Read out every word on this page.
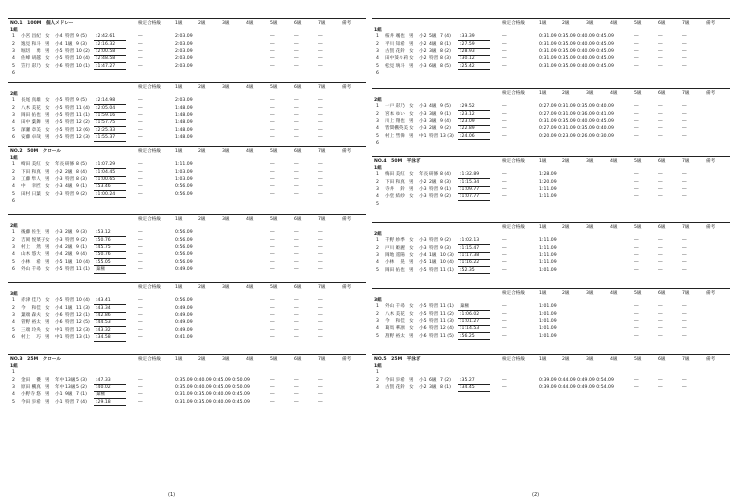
NO.1　100M　個人メドレー	検定合格級	1級	2級	3級	4級	5級	6級	7級	備考
1組
1 小宮 昌紀 女 小4 特習 9 (5) :2:42.61	―	2:03.09	―	―	―
2 逸見 和斗 男 小4 1級 9 (3) :2:16.32	―	2:03.09	―	―	―
3 堀切 　勇 男 小5 特習 10 (2) :2:00.58	―	2:03.09	―	―	―
4 佐峰 胡越 女 小5 特習 10 (4) :2:48.58	―	2:03.09	―	―	―
5 笠行 彩乃 女 小6 特習 10 (1) :1:47.27	―	2:03.09	―	―	―
6
検定合格級	1級	2級	3級	4級	5級	6級	7級	備考
2組
1 長尾 真雄 女 小5 特習 9 (5) :2:14.98	―	2:03.09	―	―	―
2 八木 美花 女 小5 特習 11 (4) :2:05.04	―	1:48.09	―	―	―
3 岡田 佑也 男 小5 特習 11 (1) :1:59.16	―	1:48.09	―	―	―
4 田中 葉舞 男 小5 特習 12 (2) :1:57.75	―	1:48.09	―	―	―
5 深瀬 章美 女 小5 特習 12 (6) :2:25.33	―	1:48.09	―	―	―
6 安藤 卓哉 男 小5 特習 12 (3) :1:55.37	―	1:48.09	―	―	―
NO.2　50M　クロール	検定合格級	1級	2級	3級	4級	5級	6級	7級	備考
1組
1 崎田 美紅 女 年長 研修 8 (5) :1:07.29	―	1:11.09	―	―	―
2 下田 和真 男 小2 2級 8 (4) :1:04.45	―	1:03.09	―	―	―
3 工藤 隼人 男 小3 特習 8 (3) :1:00.65	―	1:03.09	―	―	―
4 中 　幸匠 女 小3 4級 9 (1) :53.46	―	0:56.09	―	―	―
5 田村 日葉 女 小3 特習 9 (2) :1:00.24	―	0:56.09	―	―	―
6
検定合格級	1級	2級	3級	4級	5級	6級	7級	備考
2組
1 後藤 佐生 男 小3 2級 9 (3) :53.12	―	0:56.09	―	―	―
2 吉岡 悦菜子 女 小3 特習 9 (2) :50.76	―	0:56.09	―	―	―
3 村上 　然 男 小4 2級 9 (1) :45.75	―	0:56.09	―	―	―
4 山木 悠大 男 小4 2級 9 (4) :50.76	―	0:56.09	―	―	―
5 小林 　希 男 小5 1級 10 (4) :55.05	―	0:56.09	―	―	―
6 外山 千尋 女 小5 特習 11 (1) 棄権	―	0:49.09	―	―	―
検定合格級	1級	2級	3級	4級	5級	6級	7級	備考
3組
1 赤津 佳乃 女 小5 特習 10 (4) :43.41	―	0:56.09	―	―	―
2 今 　和佳 女 小4 1級 11 (3) :43.34	―	0:49.09	―	―	―
3 葉端 森夫 女 小6 特習 12 (1) :42.86	―	0:49.09	―	―	―
4 菅野 裕太 男 小6 特習 12 (5) :44.53	―	0:49.09	―	―	―
5 三端 玲央 女 中1 特習 12 (3) :43.32	―	0:49.09	―	―	―
6 村上 　巧 男 中1 特習 13 (1) :34.58	―	0:41.09	―	―	―
NO.3　25M　クロール	検定合格級	1級	2級	3級	4級	5級	6級	7級	備考
1組
1
2 金田 　優 男 年中 13級 5 (3) :47.33	―	0:35.09 0:40.09 0:45.09 0:50.09	―	―	―
3 原田 楓真 男 年中 13級 5 (2) :40.02	―	0:35.09 0:40.09 0:45.09 0:50.09	―	―	―
4 小野寺 悠 男 小1 9級 7 (1) 棄権	―	0:31.09 0:35.09 0:40.09 0:45.09	―	―	―
5 今田 歩希 男 小1 特習 7 (4) :29.18	―	0:31.09 0:35.09 0:40.09 0:45.09	―	―	―
(1)
検定合格級	1級	2級	3級	4級	5級	6級	7級	備考
1組
1 桜井 颯也 男 小2 5級 7 (4) :33.39	―	0:31.09 0:35.09 0:40.09 0:45.09	―	―	―
2 平川 知希 男 小2 4級 8 (1) :27.59	―	0:31.09 0:35.09 0:40.09 0:45.09	―	―	―
3 古賀 花鈴 女 小2 3級 8 (2) :28.93	―	0:31.09 0:35.09 0:40.09 0:45.09	―	―	―
4 田中葵々莉 女 小2 特習 8 (3) :30.12	―	0:31.09 0:35.09 0:40.09 0:45.09	―	―	―
5 松見 璃斗 男 小3 6級 8 (5) :25.42	―	0:31.09 0:35.09 0:40.09 0:45.09	―	―	―
6
検定合格級	1級	2級	3級	4級	5級	6級	7級	備考
2組
1 一戸 彩乃 女 小3 4級 9 (5) :29.52	―	0:27.09 0:31.09 0:35.09 0:40.09	―	―	―
2 宮本 ゆい 女 小3 3級 9 (1) :23.12	―	0:27.09 0:31.09 0:36.09 0:41.09	―	―	―
3 川上 翔也 男 小3 3級 9 (4) :23.09	―	0:31.09 0:35.09 0:40.09 0:45.09	―	―	―
4 皆間楓英美 女 小3 2級 9 (2) :22.89	―	0:27.09 0:31.09 0:35.09 0:40.09	―	―	―
5 村上 彗偉 男 中1 特習 13 (3) :24.06	―	0:20.09 0:23.09 0:26.09 0:30.09	―	―	―
6
NO.4　50M　平泳ぎ	検定合格級	1級	2級	3級	4級	5級	6級	7級	備考
1組
1 梅田 美紅 女 年長 研修 8 (4) :1:32.89	―	1:28.09	―	―	―
2 下田 和真 男 小2 2級 8 (3) :1:15.34	―	1:20.09	―	―	―
3 寺井 　鈴 男 小3 特習 9 (1) :1:09.77	―	1:11.09	―	―	―
4 小堂 結紗 女 小3 特習 9 (2) :1:07.77	―	1:11.09	―	―	―
5
検定合格級	1級	2級	3級	4級	5級	6級	7級	備考
2組
1 千野 紗季 女 小3 特習 9 (2) :1:02.13	―	1:11.09	―	―	―
2 戸川 姫麗 女 小3 特習 9 (3) :1:15.47	―	1:11.09	―	―	―
3 岡地 遥陽 女 小4 1級 10 (3) :1:17.38	―	1:11.09	―	―	―
4 小林 　晃 男 小5 1級 10 (4) :1:16.22	―	1:11.09	―	―	―
5 岡田 佑也 男 小5 特習 11 (1) :52.35	―	1:01.09	―	―	―
検定合格級	1級	2級	3級	4級	5級	6級	7級	備考
3組
1 外山 千尋 女 小5 特習 11 (1) 棄権	―	1:01.09	―	―	―
2 八木 美花 女 小5 特習 11 (2) :1:06.02	―	1:01.09	―	―	―
3 今 　和佳 女 小5 特習 11 (3) :1:01.27	―	1:01.09	―	―	―
4 葛馬 華凛 女 小6 特習 12 (4) :1:14.53	―	1:01.09	―	―	―
5 菖野 裕太 男 小6 特習 11 (5) :56.25	―	1:01.09	―	―	―
NO.5　25M　平泳ぎ	検定合格級	1級	2級	3級	4級	5級	6級	7級	備考
1組
1
2 今田 歩希 男 小1 6級 7 (2) :35.27	―	0:39.09 0:44.09 0:49.09 0:54.09	―	―	―
3 古賀 花鈴 女 小2 3級 8 (1) :34.45	―	0:39.09 0:44.09 0:49.09 0:54.09	―	―	―
(2)
